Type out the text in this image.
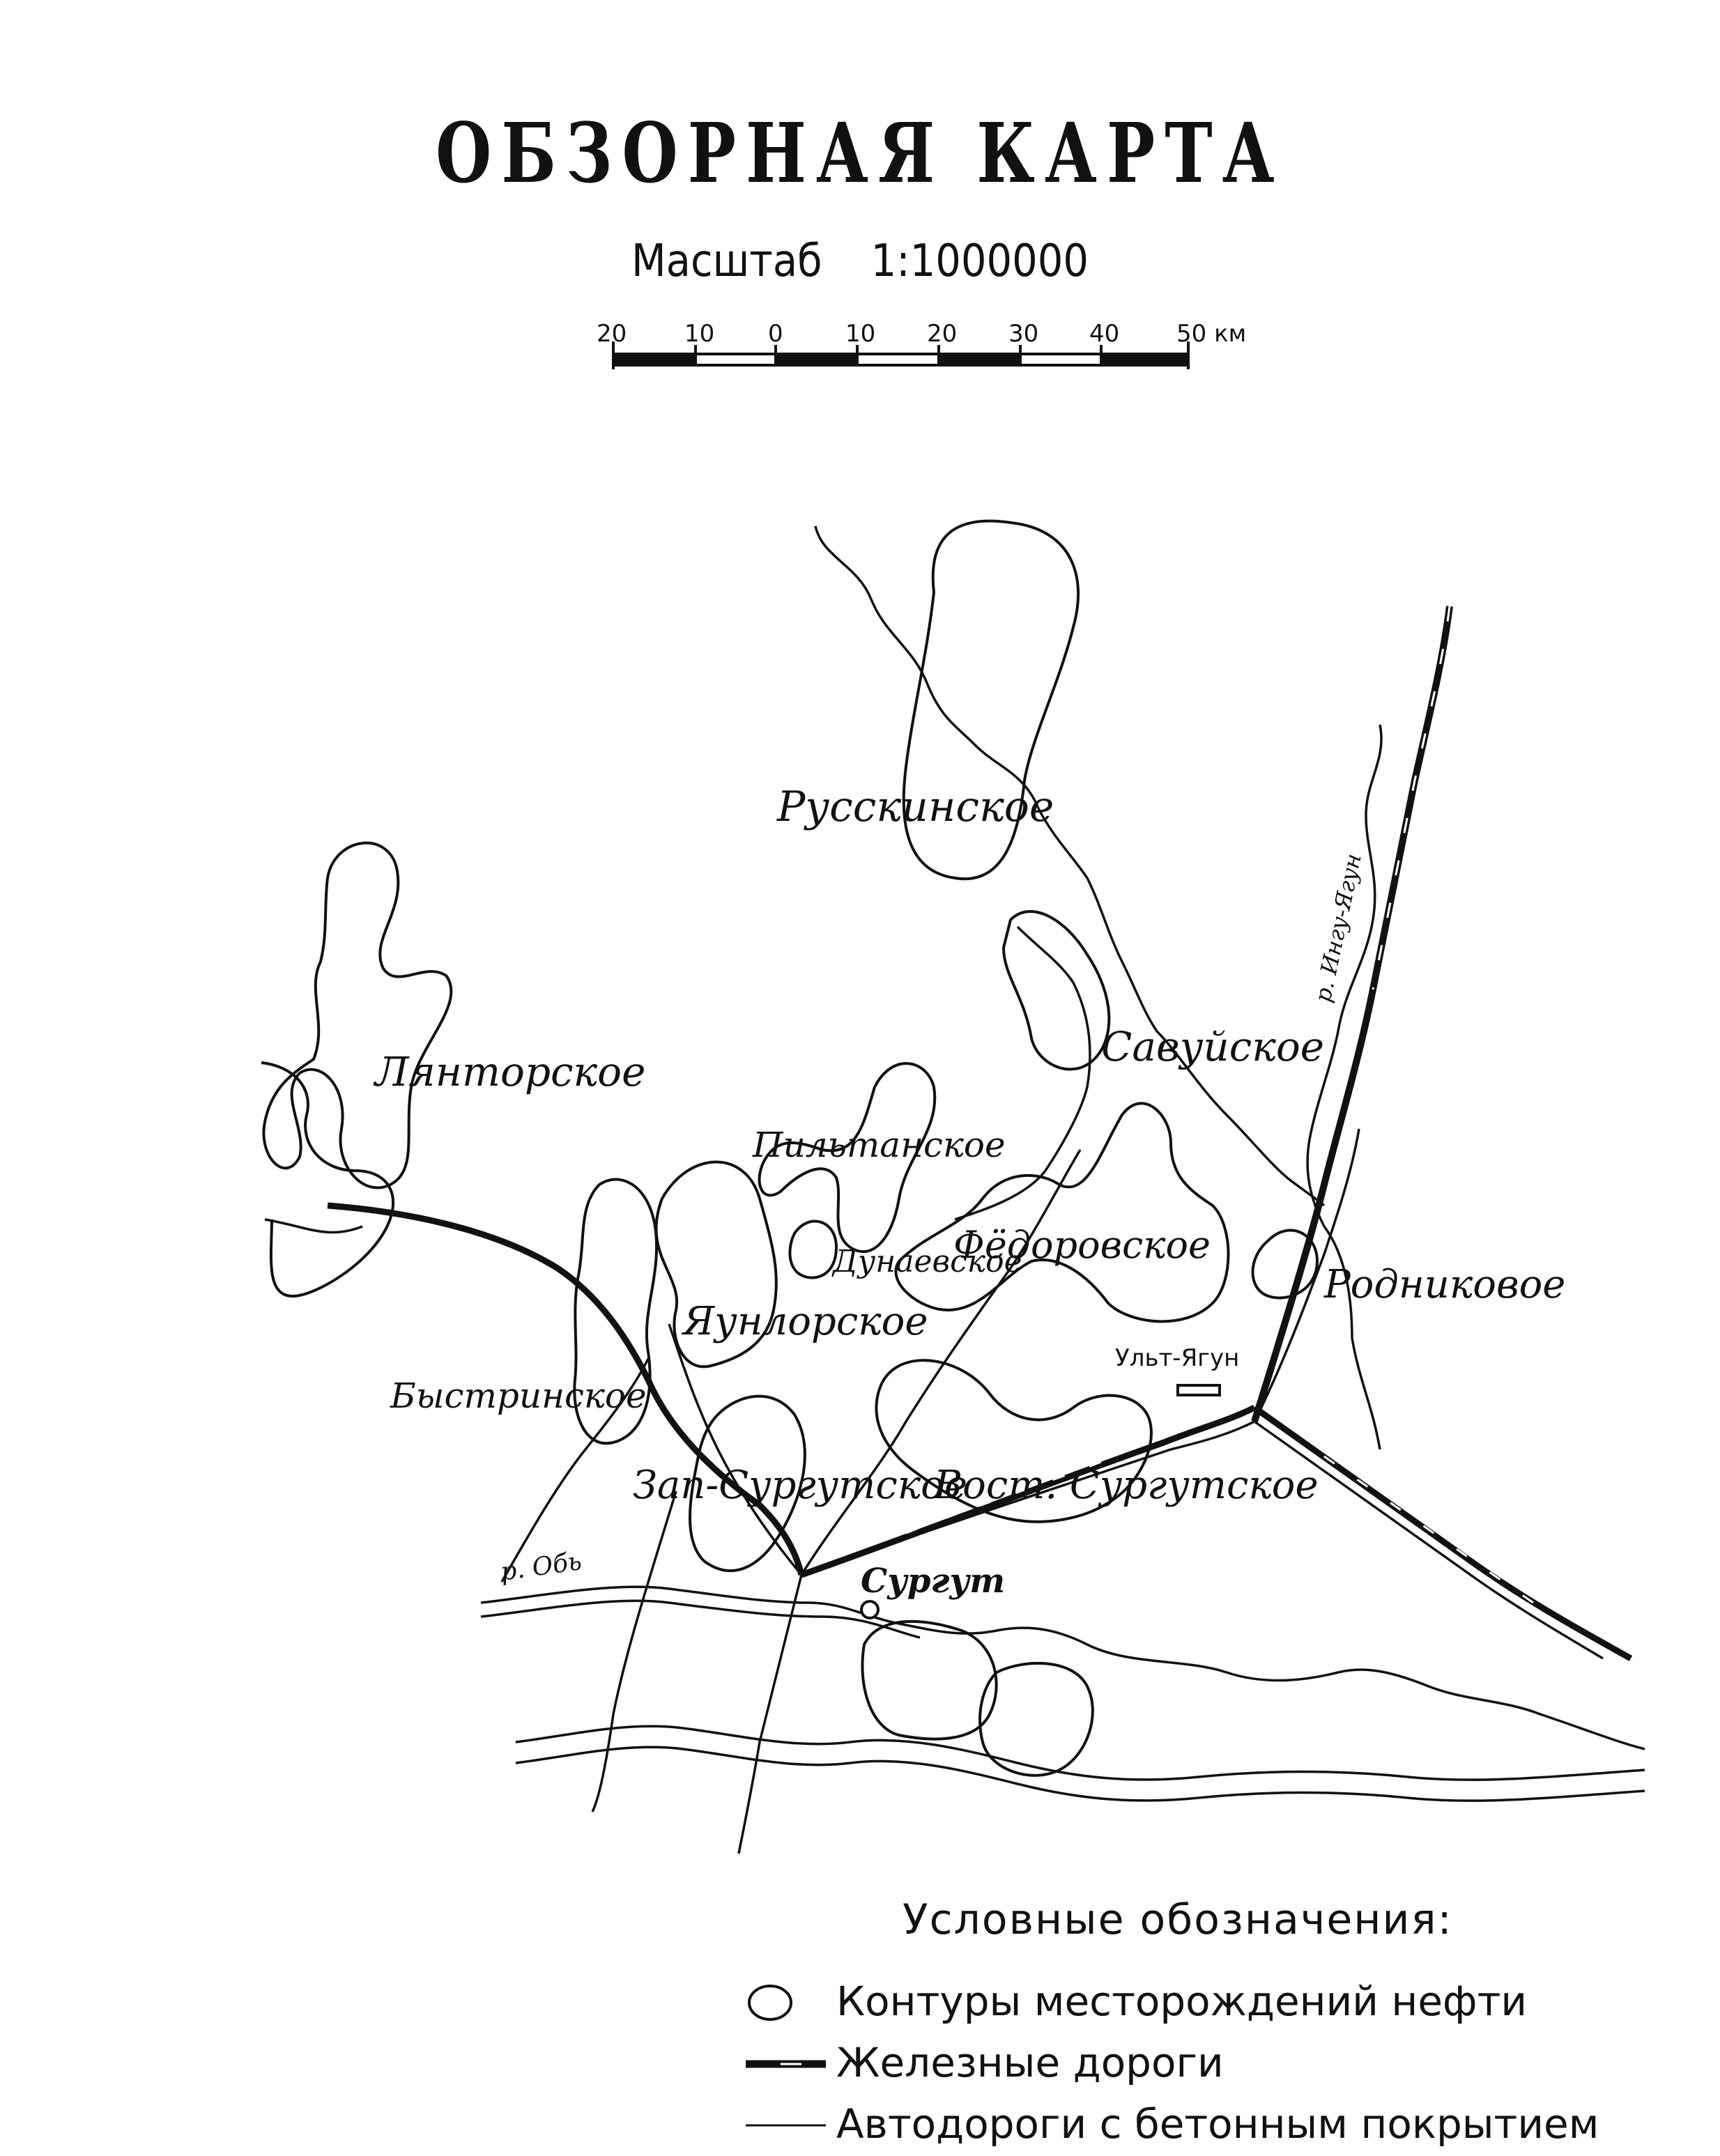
ОБЗОРНАЯ КАРТА
Масштаб 1:1000000
20 10 0	10 20 30 40 50 км
Русскинское
Лянторское
Савуйское
Пильтанское
Фёдоровское
Дунаевское
Родниковое
Яунлорское
Ульт-Ягун
Быстринское
Зап-Сургутское
Вост. Сургутское
Сургут
р. Обь
р. Ингу-Ягун
Условные обозначения:
Контуры месторождений нефти
Железные дороги
Автодороги с бетонным покрытием
